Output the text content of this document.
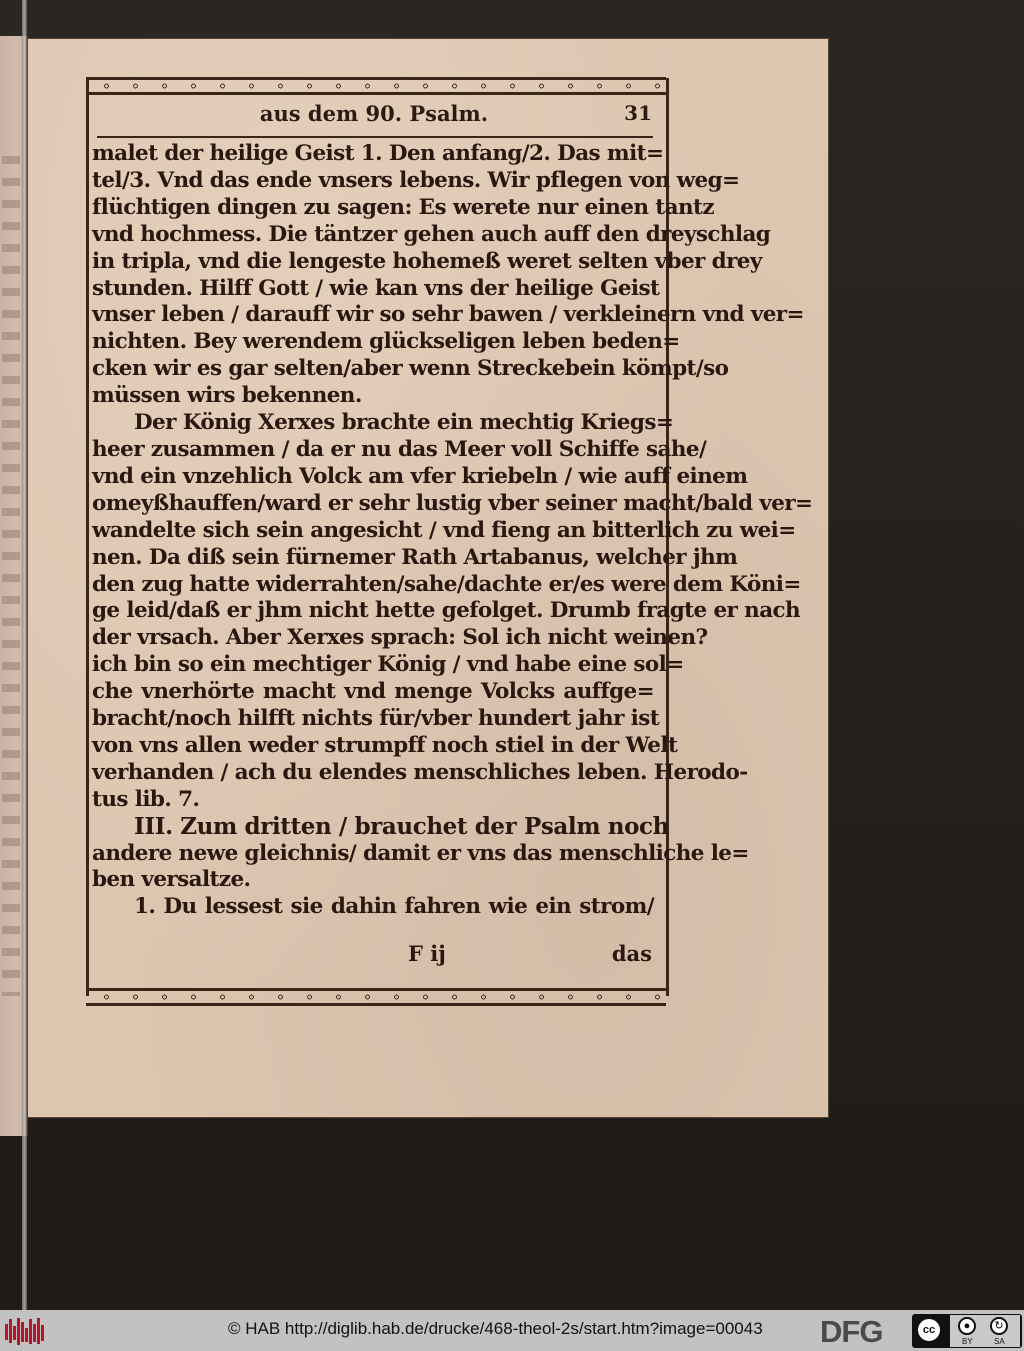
aus dem 90. Psalm.	31
malet der heilige Geist 1. Den anfang/2. Das mit=
tel/3. Vnd das ende vnsers lebens. Wir pflegen von weg=
flüchtigen dingen zu sagen: Es werete nur einen tantz
vnd hochmess. Die täntzer gehen auch auff den dreyschlag
in tripla, vnd die lengeste hohemeß weret selten vber drey
stunden. Hilff Gott / wie kan vns der heilige Geist
vnser leben / darauff wir so sehr bawen / verkleinern vnd ver=
nichten. Bey werendem glückseligen leben beden=
cken wir es gar selten/aber wenn Streckebein kömpt/so
müssen wirs bekennen.
Der König Xerxes brachte ein mechtig Kriegs=
heer zusammen / da er nu das Meer voll Schiffe sahe/
vnd ein vnzehlich Volck am vfer kriebeln / wie auff einem
omeyßhauffen/ward er sehr lustig vber seiner macht/bald ver=
wandelte sich sein angesicht / vnd fieng an bitterlich zu wei=
nen. Da diß sein fürnemer Rath Artabanus, welcher jhm
den zug hatte widerrahten/sahe/dachte er/es were dem Köni=
ge leid/daß er jhm nicht hette gefolget. Drumb fragte er nach
der vrsach. Aber Xerxes sprach: Sol ich nicht weinen?
ich bin so ein mechtiger König / vnd habe eine sol=
che vnerhörte macht vnd menge Volcks auffge=
bracht/noch hilfft nichts für/vber hundert jahr ist
von vns allen weder strumpff noch stiel in der Welt
verhanden / ach du elendes menschliches leben. Herodo-
tus lib. 7.
III. Zum dritten / brauchet der Psalm noch
andere newe gleichnis/ damit er vns das menschliche le=
ben versaltze.
1. Du lessest sie dahin fahren wie ein strom/
F ij	das
© HAB http://diglib.hab.de/drucke/468-theol-2s/start.htm?image=00043 DFG	cc	●	↻
BY	SA
